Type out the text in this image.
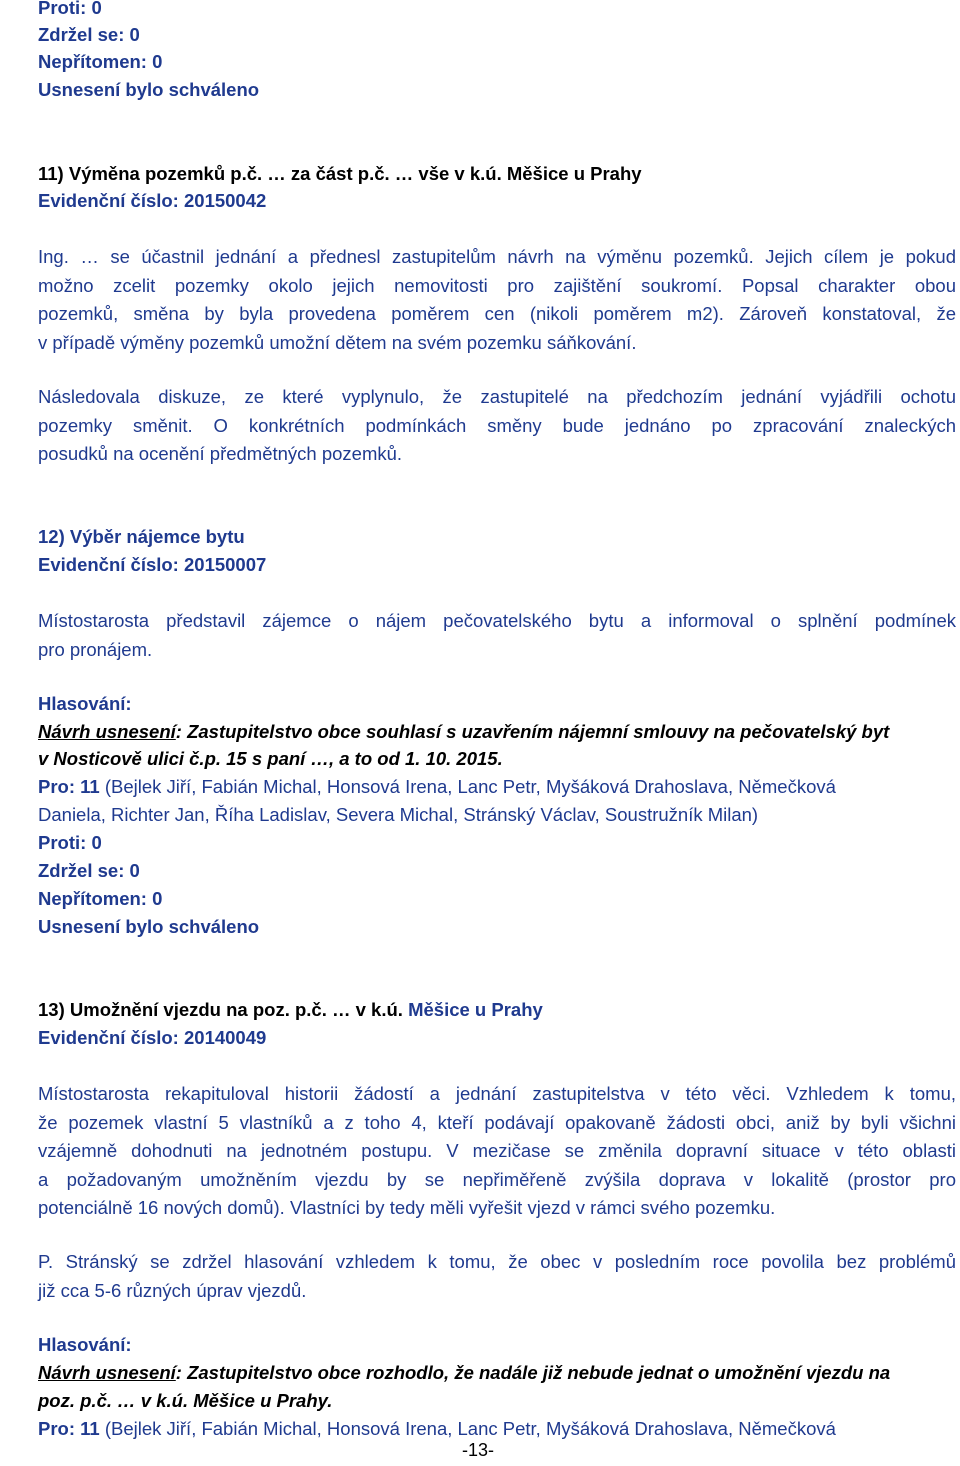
Proti: 0
Zdržel se: 0
Nepřítomen: 0
Usnesení bylo schváleno
11) Výměna pozemků p.č. … za část p.č. … vše v k.ú. Měšice u Prahy
Evidenční číslo: 20150042
Ing. … se účastnil jednání a přednesl zastupitelům návrh na výměnu pozemků. Jejich cílem je pokud
možno zcelit pozemky okolo jejich nemovitosti pro zajištění soukromí. Popsal charakter obou
pozemků, směna by byla provedena poměrem cen (nikoli poměrem m2). Zároveň konstatoval, že
v případě výměny pozemků umožní dětem na svém pozemku sáňkování.
Následovala diskuze, ze které vyplynulo, že zastupitelé na předchozím jednání vyjádřili ochotu
pozemky směnit. O konkrétních podmínkách směny bude jednáno po zpracování znaleckých
posudků na ocenění předmětných pozemků.
12) Výběr nájemce bytu
Evidenční číslo: 20150007
Místostarosta představil zájemce o nájem pečovatelského bytu a informoval o splnění podmínek
pro pronájem.
Hlasování:
Návrh usnesení: Zastupitelstvo obce souhlasí s uzavřením nájemní smlouvy na pečovatelský byt
v Nosticově ulici č.p. 15 s paní …, a to od 1. 10. 2015.
Pro: 11 (Bejlek Jiří, Fabián Michal, Honsová Irena, Lanc Petr, Myšáková Drahoslava, Němečková
Daniela, Richter Jan, Říha Ladislav, Severa Michal, Stránský Václav, Soustružník Milan)
Proti: 0
Zdržel se: 0
Nepřítomen: 0
Usnesení bylo schváleno
13) Umožnění vjezdu na poz. p.č. … v k.ú. Měšice u Prahy
Evidenční číslo: 20140049
Místostarosta rekapituloval historii žádostí a jednání zastupitelstva v této věci. Vzhledem k tomu,
že pozemek vlastní 5 vlastníků a z toho 4, kteří podávají opakovaně žádosti obci, aniž by byli všichni
vzájemně dohodnuti na jednotném postupu. V mezičase se změnila dopravní situace v této oblasti
a požadovaným umožněním vjezdu by se nepřiměřeně zvýšila doprava v lokalitě (prostor pro
potenciálně 16 nových domů). Vlastníci by tedy měli vyřešit vjezd v rámci svého pozemku.
P. Stránský se zdržel hlasování vzhledem k tomu, že obec v posledním roce povolila bez problémů
již cca 5-6 různých úprav vjezdů.
Hlasování:
Návrh usnesení: Zastupitelstvo obce rozhodlo, že nadále již nebude jednat o umožnění vjezdu na
poz. p.č. … v k.ú. Měšice u Prahy.
Pro: 11 (Bejlek Jiří, Fabián Michal, Honsová Irena, Lanc Petr, Myšáková Drahoslava, Němečková
-13-
